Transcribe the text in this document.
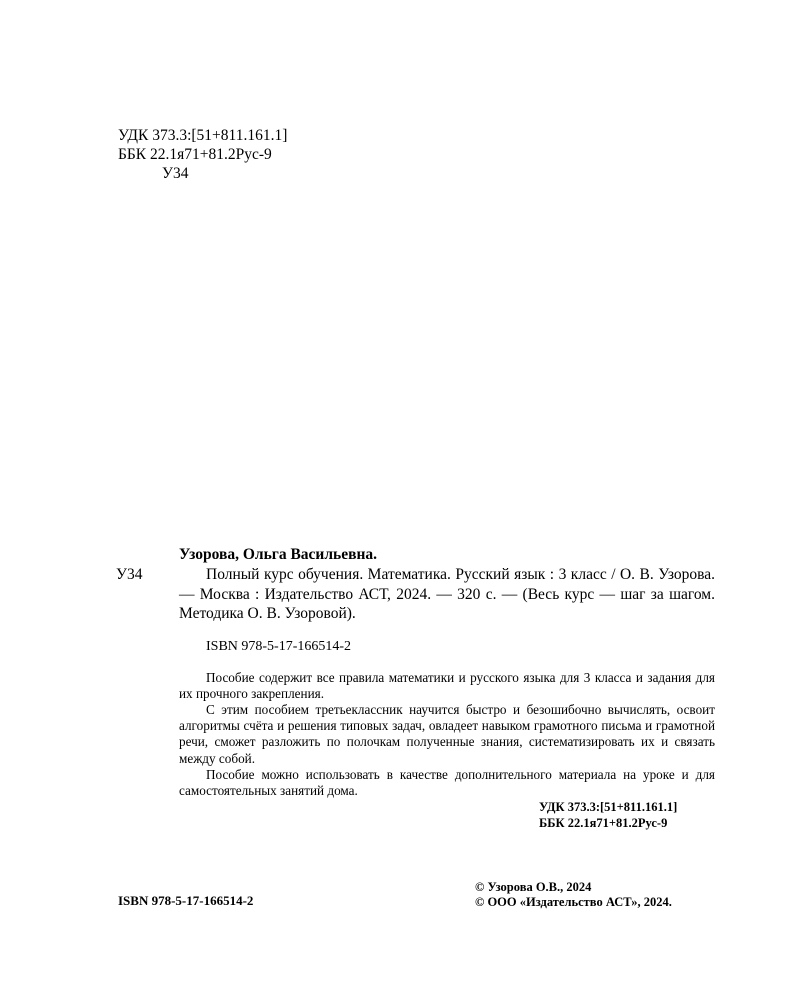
УДК 373.3:[51+811.161.1]
ББК 22.1я71+81.2Рус-9
У34
Узорова, Ольга Васильевна.
У34	Полный курс обучения. Математика. Русский язык : 3 класс / О. В. Узорова. — Москва : Издательство АСТ, 2024. — 320 с. — (Весь курс — шаг за шагом. Методика О. В. Узоровой).
ISBN 978-5-17-166514-2

Пособие содержит все правила математики и русского языка для 3 класса и задания для их прочного закрепления.

С этим пособием третьеклассник научится быстро и безошибочно вычислять, освоит алгоритмы счёта и решения типовых задач, овладеет навыком грамотного письма и грамотной речи, сможет разложить по полочкам полученные знания, систематизировать их и связать между собой.

Пособие можно использовать в качестве дополнительного материала на уроке и для самостоятельных занятий дома.

УДК 373.3:[51+811.161.1]
ББК 22.1я71+81.2Рус-9
ISBN 978-5-17-166514-2
© Узорова О.В., 2024
© ООО «Издательство АСТ», 2024.
